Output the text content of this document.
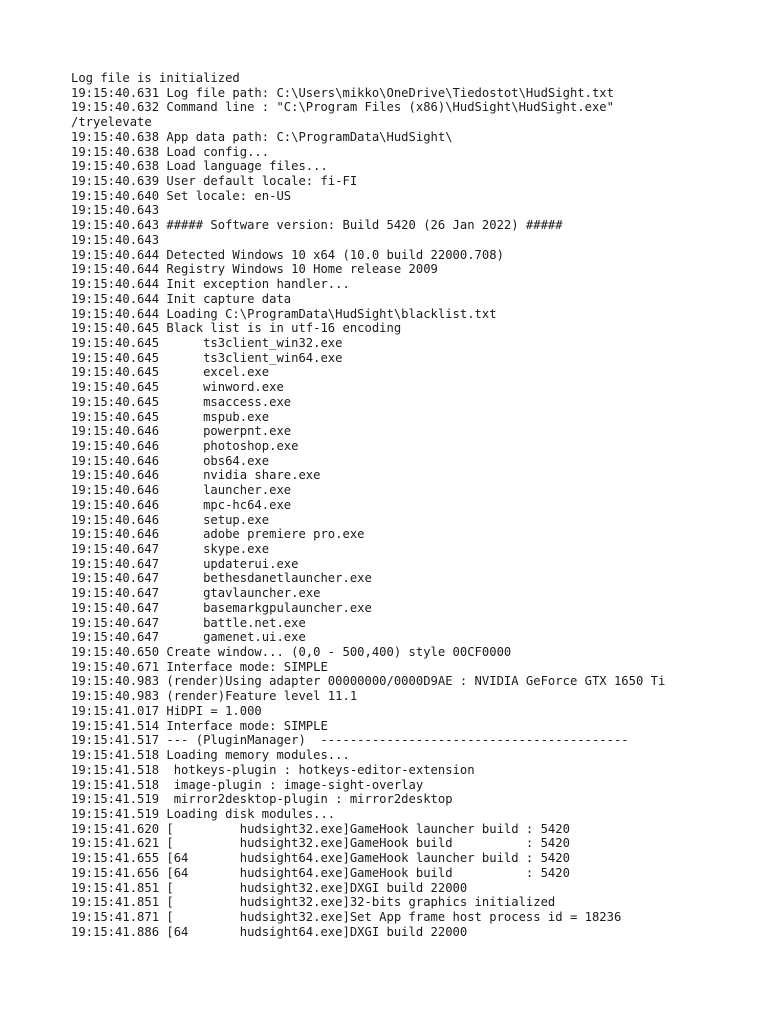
Log file is initialized
19:15:40.631 Log file path: C:\Users\mikko\OneDrive\Tiedostot\HudSight.txt
19:15:40.632 Command line : "C:\Program Files (x86)\HudSight\HudSight.exe"
/tryelevate
19:15:40.638 App data path: C:\ProgramData\HudSight\
19:15:40.638 Load config...
19:15:40.638 Load language files...
19:15:40.639 User default locale: fi-FI
19:15:40.640 Set locale: en-US
19:15:40.643
19:15:40.643 ##### Software version: Build 5420 (26 Jan 2022) #####
19:15:40.643
19:15:40.644 Detected Windows 10 x64 (10.0 build 22000.708)
19:15:40.644 Registry Windows 10 Home release 2009
19:15:40.644 Init exception handler...
19:15:40.644 Init capture data
19:15:40.644 Loading C:\ProgramData\HudSight\blacklist.txt
19:15:40.645 Black list is in utf-16 encoding
19:15:40.645      ts3client_win32.exe
19:15:40.645      ts3client_win64.exe
19:15:40.645      excel.exe
19:15:40.645      winword.exe
19:15:40.645      msaccess.exe
19:15:40.645      mspub.exe
19:15:40.646      powerpnt.exe
19:15:40.646      photoshop.exe
19:15:40.646      obs64.exe
19:15:40.646      nvidia share.exe
19:15:40.646      launcher.exe
19:15:40.646      mpc-hc64.exe
19:15:40.646      setup.exe
19:15:40.646      adobe premiere pro.exe
19:15:40.647      skype.exe
19:15:40.647      updaterui.exe
19:15:40.647      bethesdanetlauncher.exe
19:15:40.647      gtavlauncher.exe
19:15:40.647      basemarkgpulauncher.exe
19:15:40.647      battle.net.exe
19:15:40.647      gamenet.ui.exe
19:15:40.650 Create window... (0,0 - 500,400) style 00CF0000
19:15:40.671 Interface mode: SIMPLE
19:15:40.983 (render)Using adapter 00000000/0000D9AE : NVIDIA GeForce GTX 1650 Ti
19:15:40.983 (render)Feature level 11.1
19:15:41.017 HiDPI = 1.000
19:15:41.514 Interface mode: SIMPLE
19:15:41.517 --- (PluginManager)  ------------------------------------------
19:15:41.518 Loading memory modules...
19:15:41.518  hotkeys-plugin : hotkeys-editor-extension
19:15:41.518  image-plugin : image-sight-overlay
19:15:41.519  mirror2desktop-plugin : mirror2desktop
19:15:41.519 Loading disk modules...
19:15:41.620 [         hudsight32.exe]GameHook launcher build : 5420
19:15:41.621 [         hudsight32.exe]GameHook build          : 5420
19:15:41.655 [64       hudsight64.exe]GameHook launcher build : 5420
19:15:41.656 [64       hudsight64.exe]GameHook build          : 5420
19:15:41.851 [         hudsight32.exe]DXGI build 22000
19:15:41.851 [         hudsight32.exe]32-bits graphics initialized
19:15:41.871 [         hudsight32.exe]Set App frame host process id = 18236
19:15:41.886 [64       hudsight64.exe]DXGI build 22000
